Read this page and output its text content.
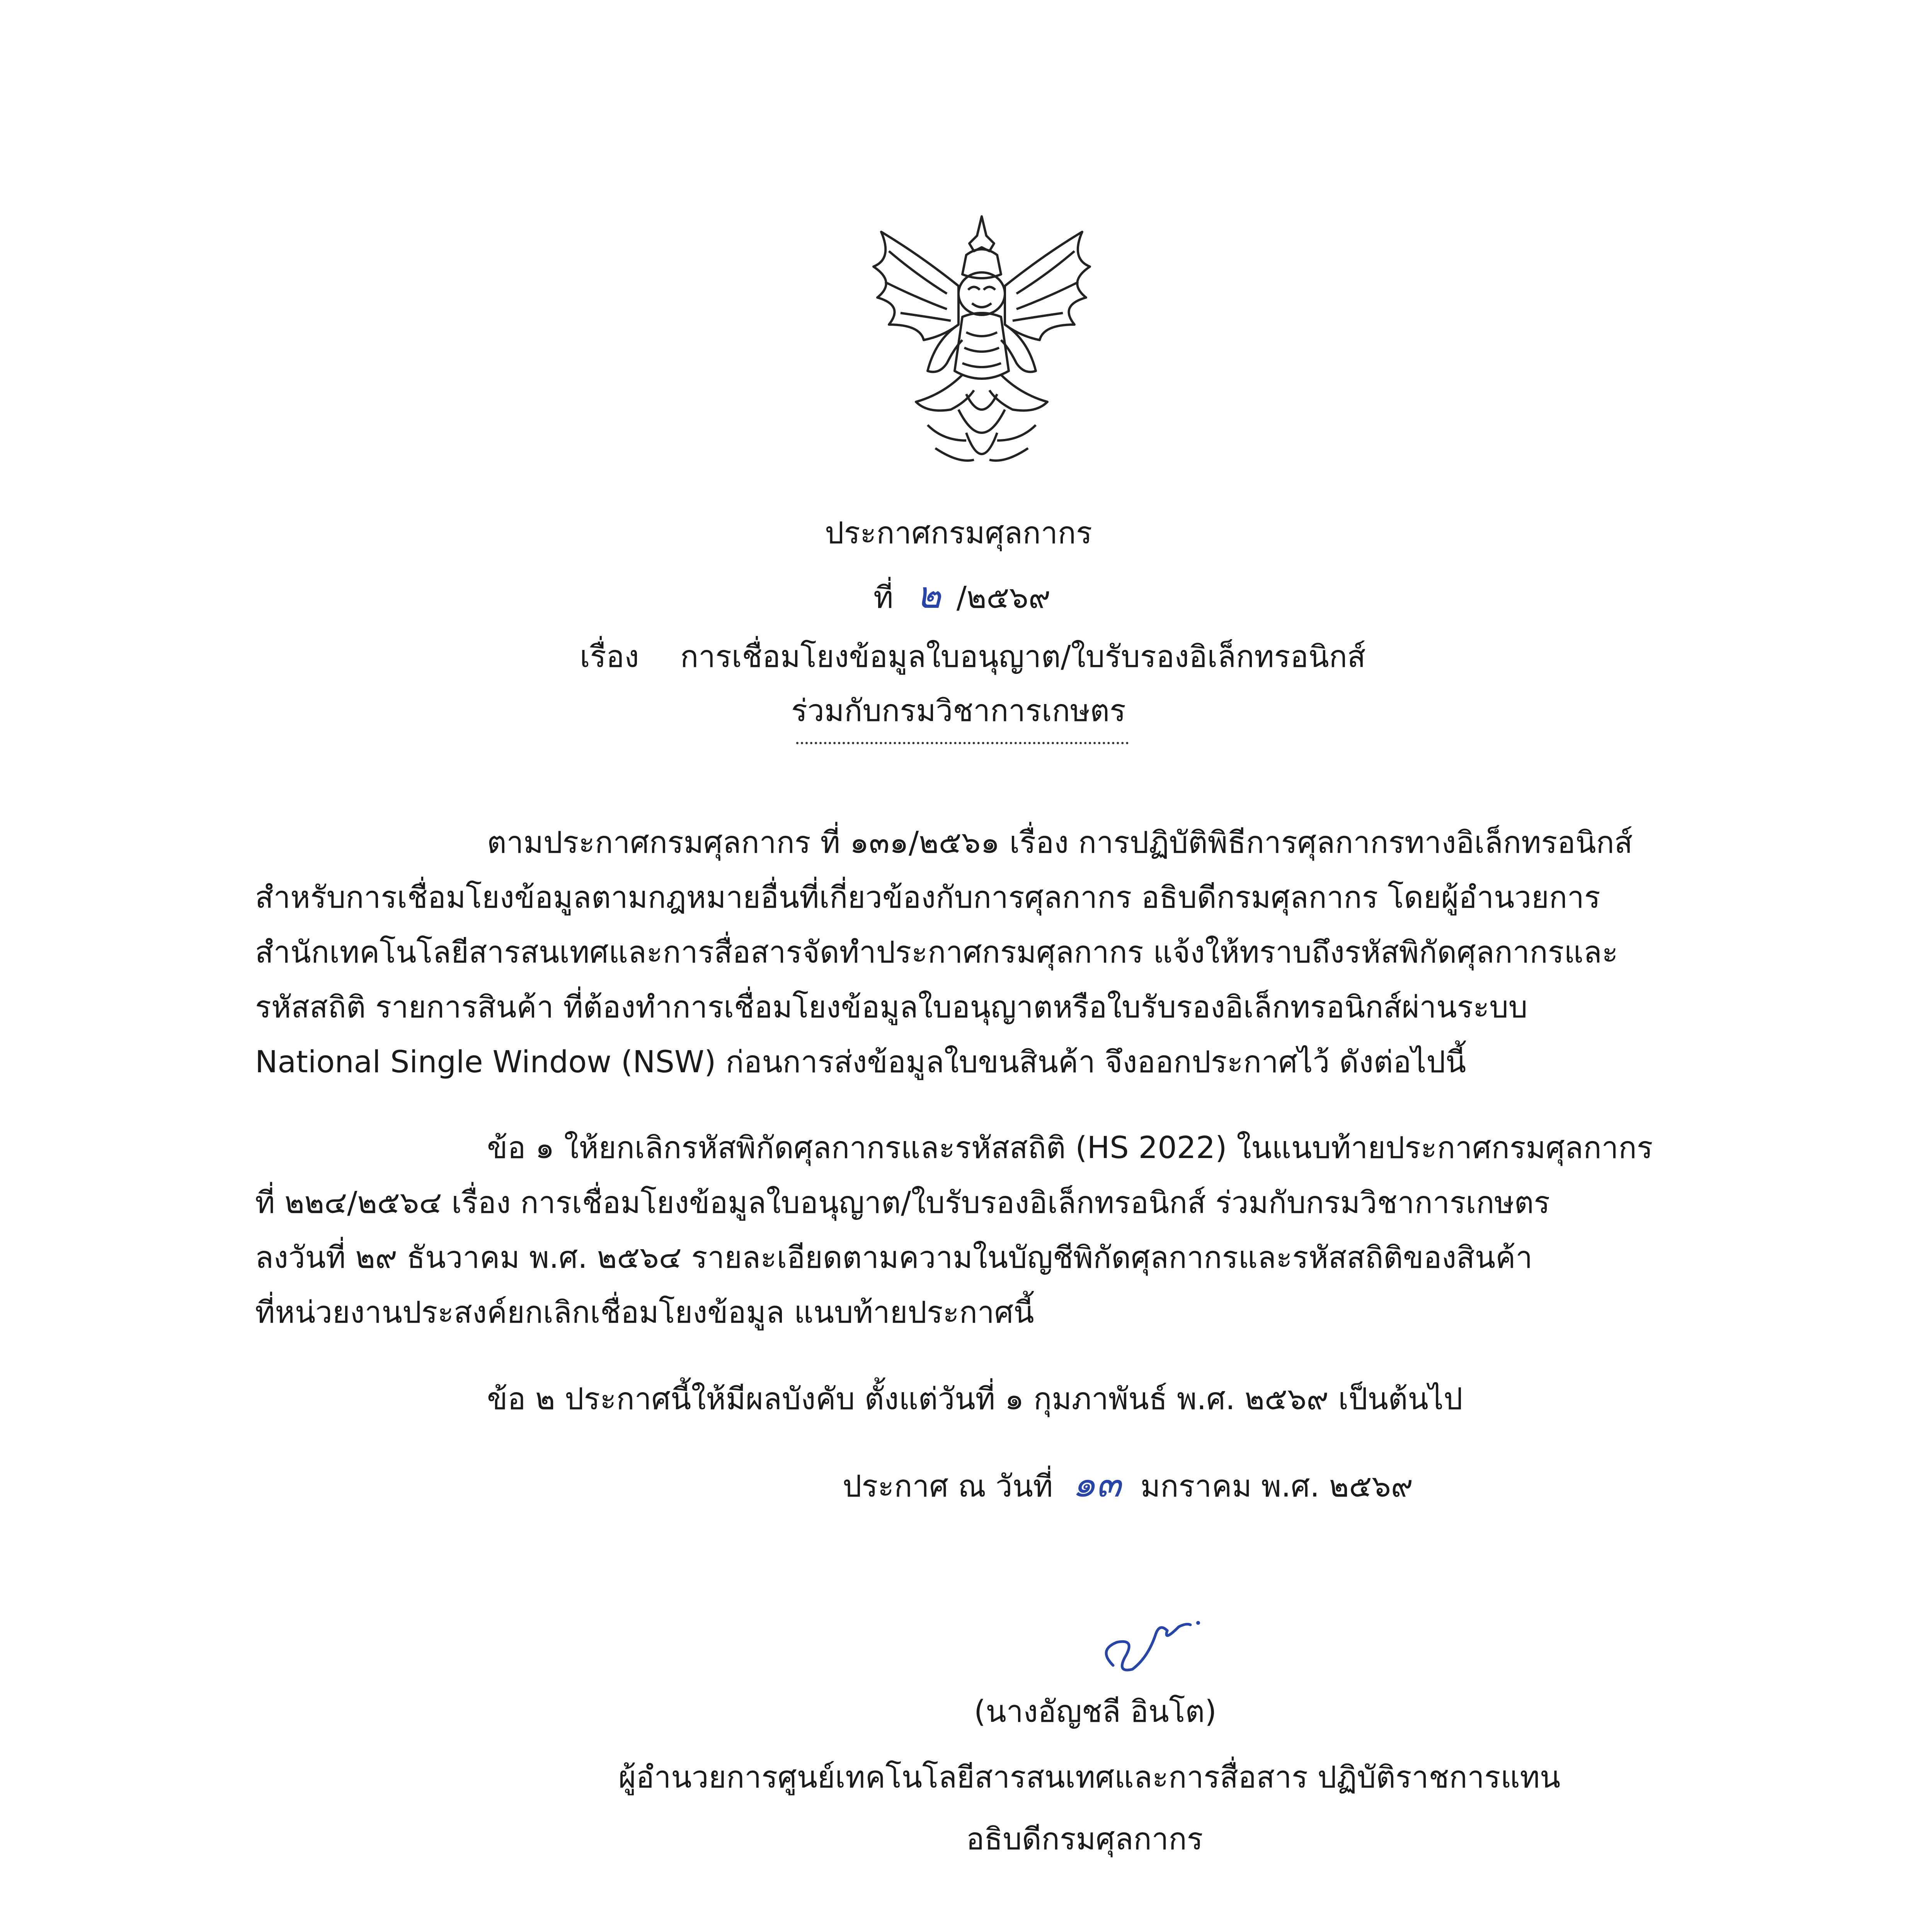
ประกาศกรมศุลกากร
ที่ ๒ /๒๕๖๙
เรื่อง การเชื่อมโยงข้อมูลใบอนุญาต/ใบรับรองอิเล็กทรอนิกส์
ร่วมกับกรมวิชาการเกษตร
ตามประกาศกรมศุลกากร ที่ ๑๓๑/๒๕๖๑ เรื่อง การปฏิบัติพิธีการศุลกากรทางอิเล็กทรอนิกส์
สำหรับการเชื่อมโยงข้อมูลตามกฎหมายอื่นที่เกี่ยวข้องกับการศุลกากร อธิบดีกรมศุลกากร โดยผู้อำนวยการ
สำนักเทคโนโลยีสารสนเทศและการสื่อสารจัดทำประกาศกรมศุลกากร แจ้งให้ทราบถึงรหัสพิกัดศุลกากรและ
รหัสสถิติ รายการสินค้า ที่ต้องทำการเชื่อมโยงข้อมูลใบอนุญาตหรือใบรับรองอิเล็กทรอนิกส์ผ่านระบบ
National Single Window (NSW) ก่อนการส่งข้อมูลใบขนสินค้า จึงออกประกาศไว้ ดังต่อไปนี้
ข้อ ๑ ให้ยกเลิกรหัสพิกัดศุลกากรและรหัสสถิติ (HS 2022) ในแนบท้ายประกาศกรมศุลกากร
ที่ ๒๒๔/๒๕๖๔ เรื่อง การเชื่อมโยงข้อมูลใบอนุญาต/ใบรับรองอิเล็กทรอนิกส์ ร่วมกับกรมวิชาการเกษตร
ลงวันที่ ๒๙ ธันวาคม พ.ศ. ๒๕๖๔ รายละเอียดตามความในบัญชีพิกัดศุลกากรและรหัสสถิติของสินค้า
ที่หน่วยงานประสงค์ยกเลิกเชื่อมโยงข้อมูล แนบท้ายประกาศนี้
ข้อ ๒ ประกาศนี้ให้มีผลบังคับ ตั้งแต่วันที่ ๑ กุมภาพันธ์ พ.ศ. ๒๕๖๙ เป็นต้นไป
ประกาศ ณ วันที่ ๑๓ มกราคม พ.ศ. ๒๕๖๙
(นางอัญชลี อินโต)
ผู้อำนวยการศูนย์เทคโนโลยีสารสนเทศและการสื่อสาร ปฏิบัติราชการแทน
อธิบดีกรมศุลกากร
